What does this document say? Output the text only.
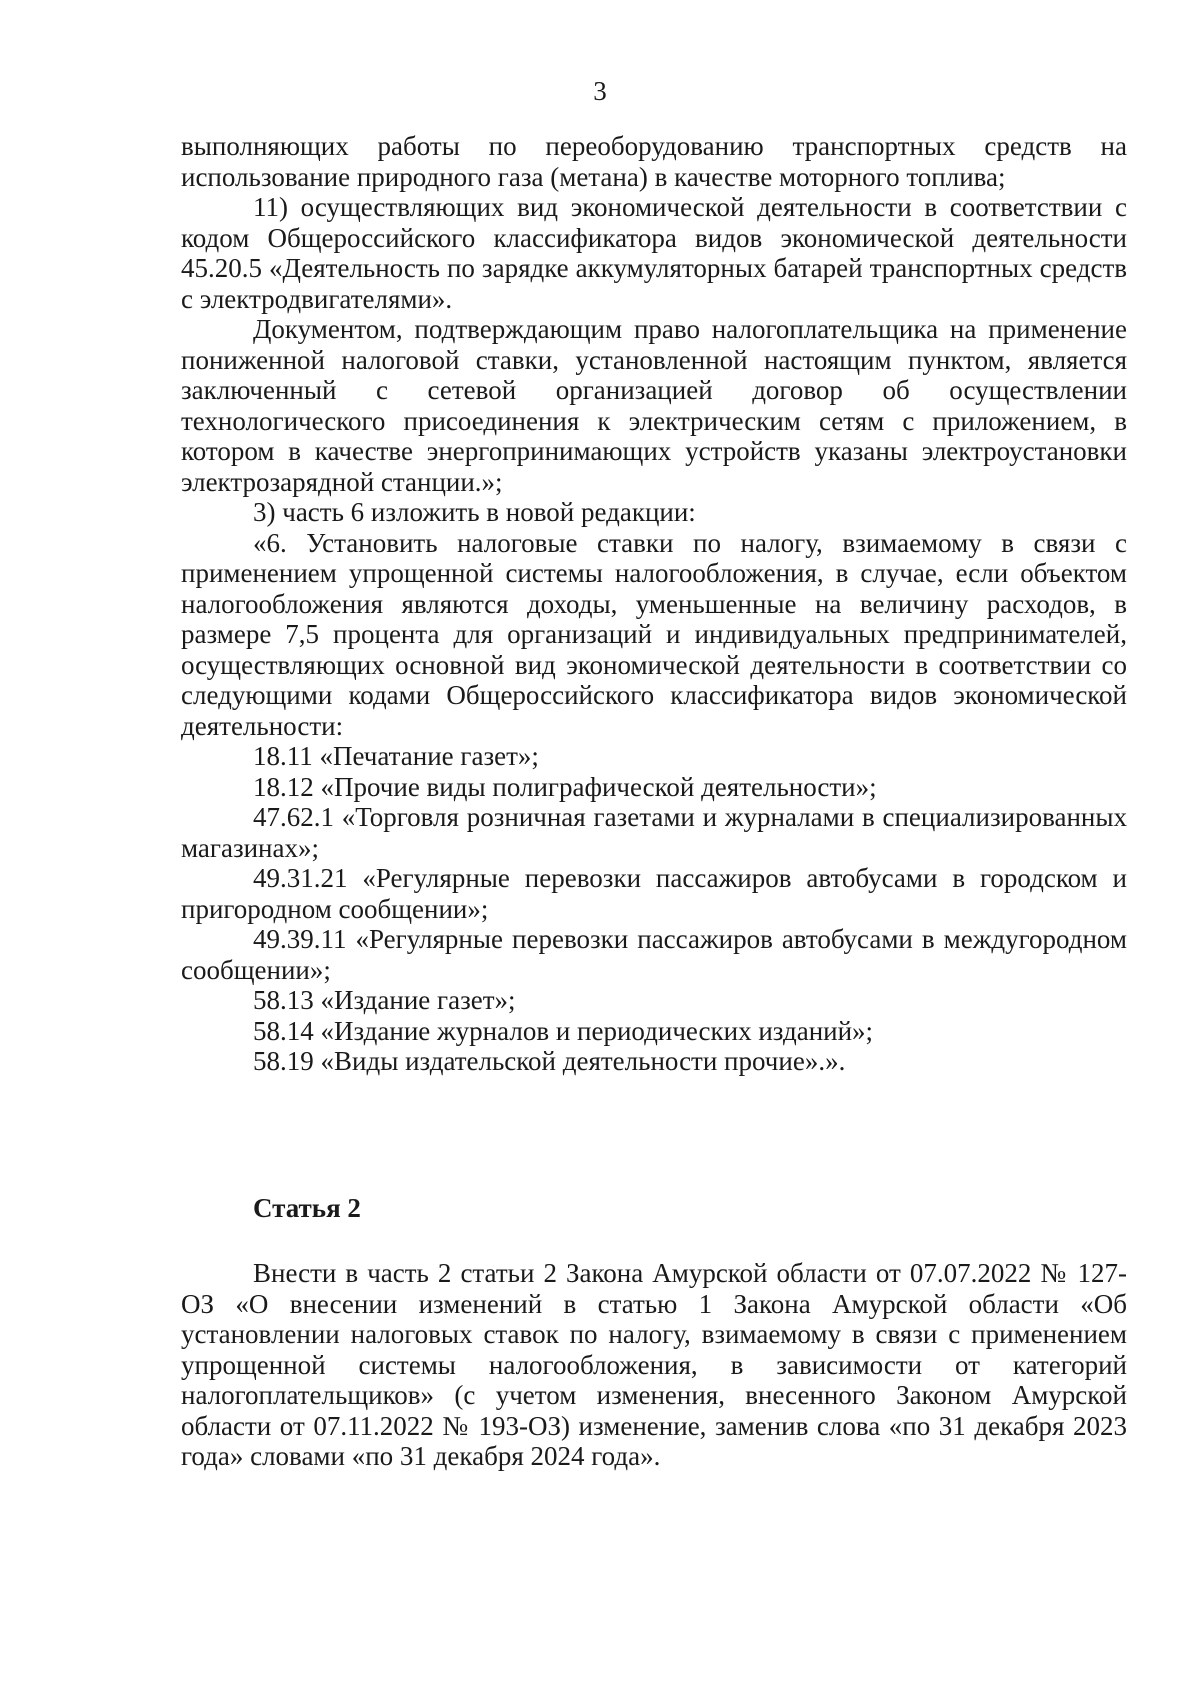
3

выполняющих работы по переоборудованию транспортных средств на использование природного газа (метана) в качестве моторного топлива;

11) осуществляющих вид экономической деятельности в соответствии с кодом Общероссийского классификатора видов экономической деятельности 45.20.5 «Деятельность по зарядке аккумуляторных батарей транспортных средств с электродвигателями».

Документом, подтверждающим право налогоплательщика на применение пониженной налоговой ставки, установленной настоящим пунктом, является заключенный с сетевой организацией договор об осуществлении технологического присоединения к электрическим сетям с приложением, в котором в качестве энергопринимающих устройств указаны электроустановки электрозарядной станции.»;

3) часть 6 изложить в новой редакции:

«6. Установить налоговые ставки по налогу, взимаемому в связи с применением упрощенной системы налогообложения, в случае, если объектом налогообложения являются доходы, уменьшенные на величину расходов, в размере 7,5 процента для организаций и индивидуальных предпринимателей, осуществляющих основной вид экономической деятельности в соответствии со следующими кодами Общероссийского классификатора видов экономической деятельности:

18.11 «Печатание газет»;

18.12 «Прочие виды полиграфической деятельности»;

47.62.1 «Торговля розничная газетами и журналами в специализированных магазинах»;

49.31.21 «Регулярные перевозки пассажиров автобусами в городском и пригородном сообщении»;

49.39.11 «Регулярные перевозки пассажиров автобусами в междугородном сообщении»;

58.13 «Издание газет»;

58.14 «Издание журналов и периодических изданий»;

58.19 «Виды издательской деятельности прочие».».

Статья 2

Внести в часть 2 статьи 2 Закона Амурской области от 07.07.2022 № 127-ОЗ «О внесении изменений в статью 1 Закона Амурской области «Об установлении налоговых ставок по налогу, взимаемому в связи с применением упрощенной системы налогообложения, в зависимости от категорий налогоплательщиков» (с учетом изменения, внесенного Законом Амурской области от 07.11.2022 № 193-ОЗ) изменение, заменив слова «по 31 декабря 2023 года» словами «по 31 декабря 2024 года».
